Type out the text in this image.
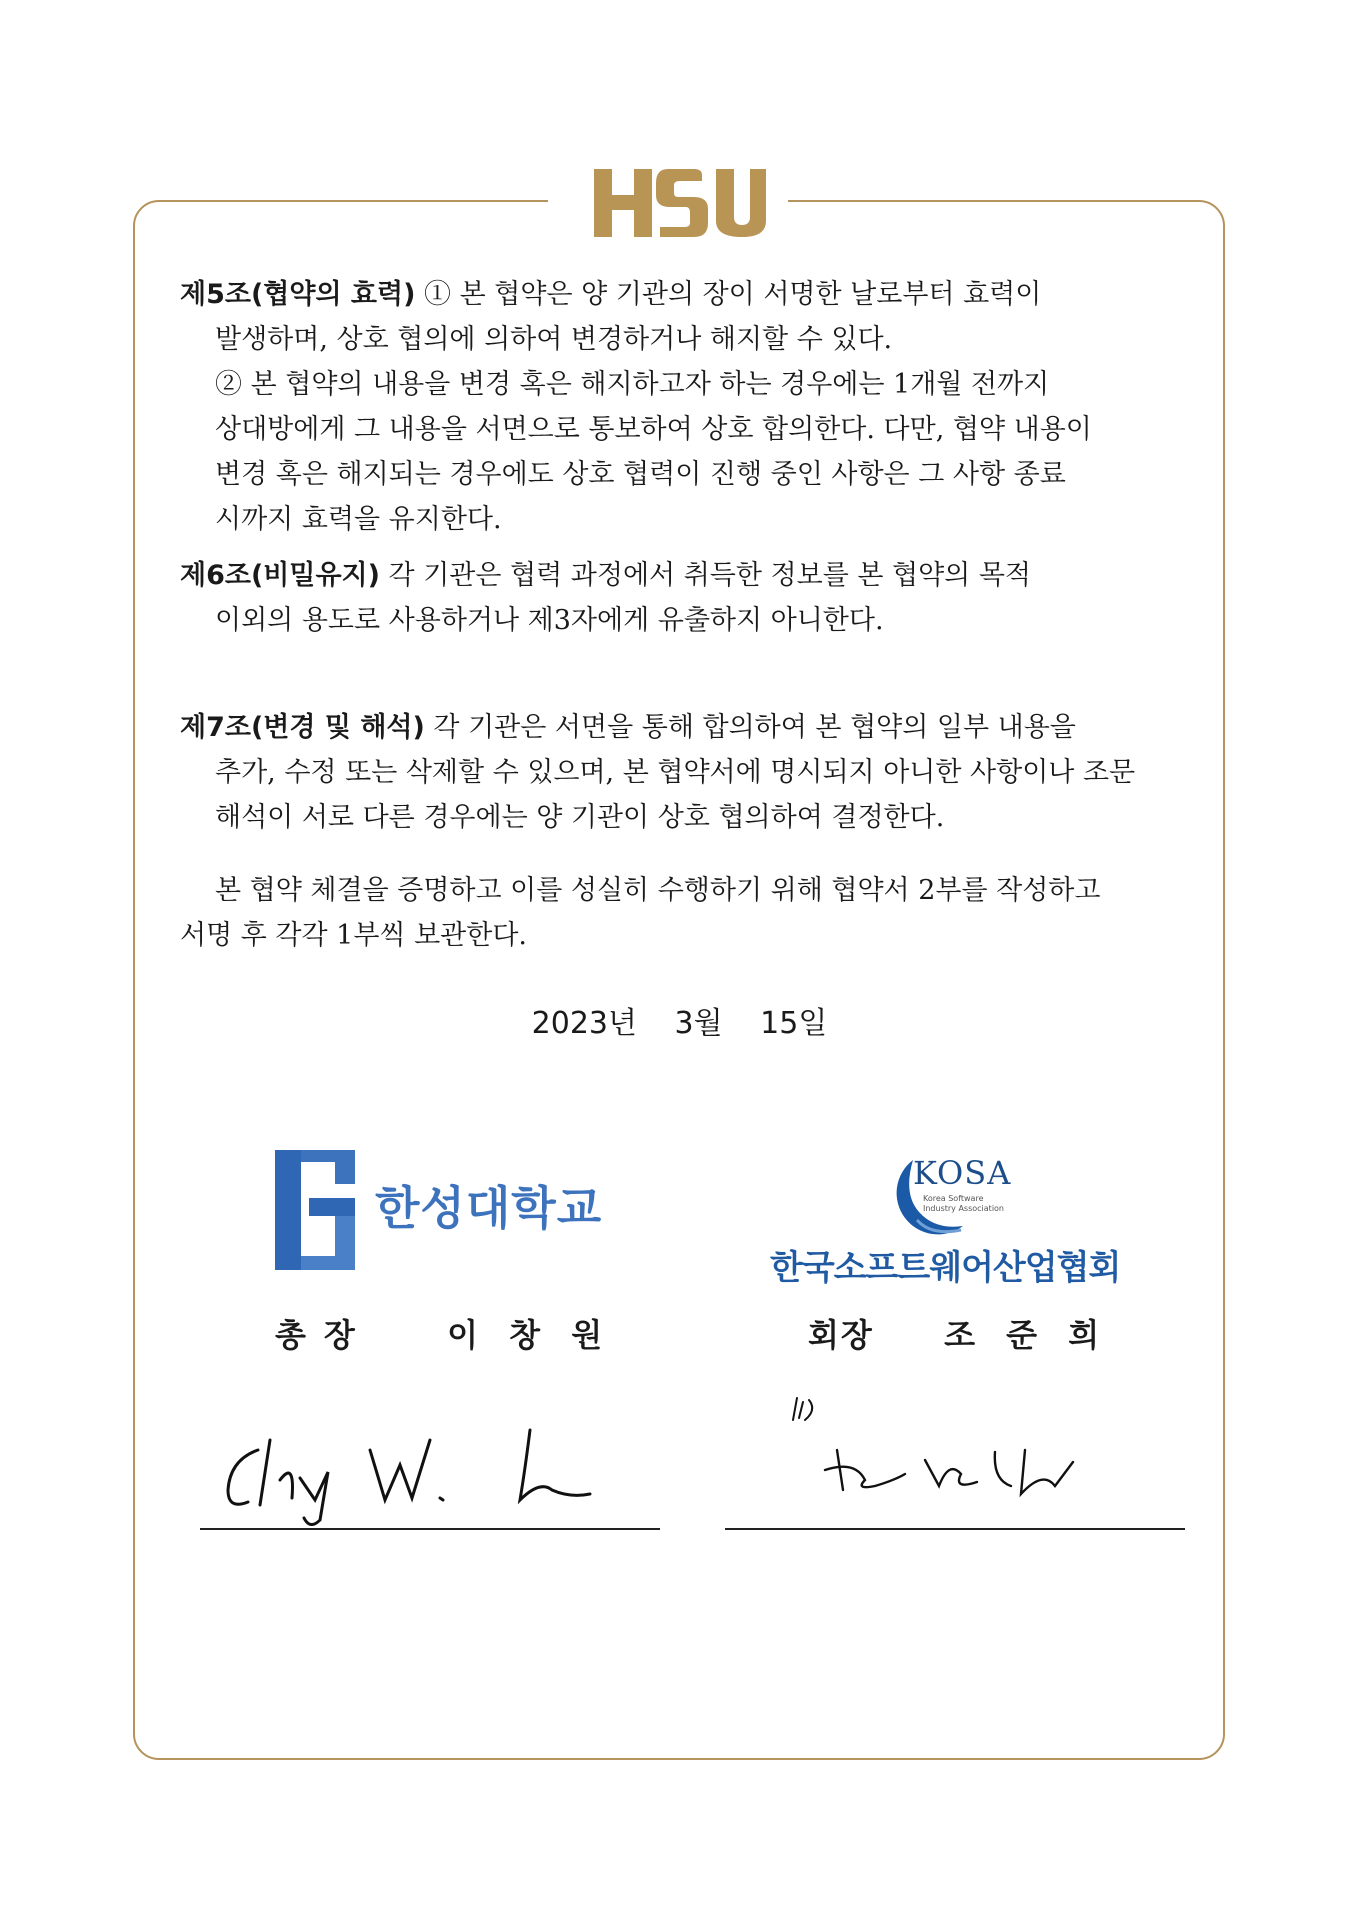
제5조(협약의 효력) ① 본 협약은 양 기관의 장이 서명한 날로부터 효력이

발생하며, 상호 협의에 의하여 변경하거나 해지할 수 있다.

② 본 협약의 내용을 변경 혹은 해지하고자 하는 경우에는 1개월 전까지

상대방에게 그 내용을 서면으로 통보하여 상호 합의한다. 다만, 협약 내용이

변경 혹은 해지되는 경우에도 상호 협력이 진행 중인 사항은 그 사항 종료

시까지 효력을 유지한다.

제6조(비밀유지) 각 기관은 협력 과정에서 취득한 정보를 본 협약의 목적

이외의 용도로 사용하거나 제3자에게 유출하지 아니한다.

제7조(변경 및 해석) 각 기관은 서면을 통해 합의하여 본 협약의 일부 내용을

추가, 수정 또는 삭제할 수 있으며, 본 협약서에 명시되지 아니한 사항이나 조문

해석이 서로 다른 경우에는 양 기관이 상호 협의하여 결정한다.

본 협약 체결을 증명하고 이를 성실히 수행하기 위해 협약서 2부를 작성하고

서명 후 각각 1부씩 보관한다.

2023년 3월 15일
한성대학교
KOSA
Korea Software
Industry Association
한국소프트웨어산업협회
총장 이 창 원	회장 조 준 희
